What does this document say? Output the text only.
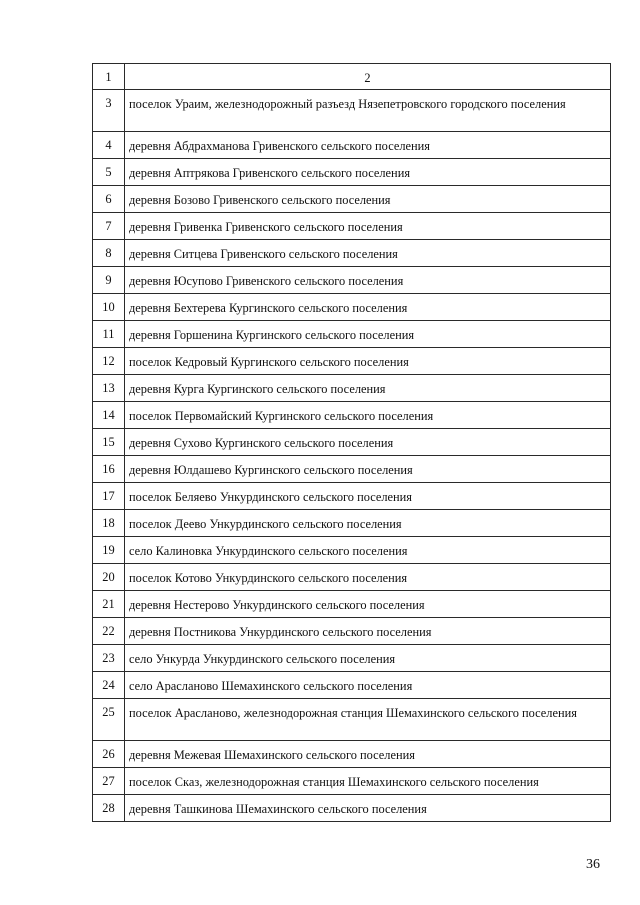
1	2
3	поселок Ураим, железнодорожный разъезд Нязепетровского городского поселения
4	деревня Абдрахманова Гривенского сельского поселения
5	деревня Аптрякова Гривенского сельского поселения
6	деревня Бозово Гривенского сельского поселения
7	деревня Гривенка Гривенского сельского поселения
8	деревня Ситцева Гривенского сельского поселения
9	деревня Юсупово Гривенского сельского поселения
10	деревня Бехтерева Кургинского сельского поселения
11	деревня Горшенина Кургинского сельского поселения
12	поселок Кедровый Кургинского сельского поселения
13	деревня Курга Кургинского сельского поселения
14	поселок Первомайский Кургинского сельского поселения
15	деревня Сухово Кургинского сельского поселения
16	деревня Юлдашево Кургинского сельского поселения
17	поселок Беляево Ункурдинского сельского поселения
18	поселок Деево Ункурдинского сельского поселения
19	село Калиновка Ункурдинского сельского поселения
20	поселок Котово Ункурдинского сельского поселения
21	деревня Нестерово Ункурдинского сельского поселения
22	деревня Постникова Ункурдинского сельского поселения
23	село Ункурда Ункурдинского сельского поселения
24	село Арасланово Шемахинского сельского поселения
25	поселок Арасланово, железнодорожная станция Шемахинского сельского поселения
26	деревня Межевая Шемахинского сельского поселения
27	поселок Сказ, железнодорожная станция Шемахинского сельского поселения
28	деревня Ташкинова Шемахинского сельского поселения
36
